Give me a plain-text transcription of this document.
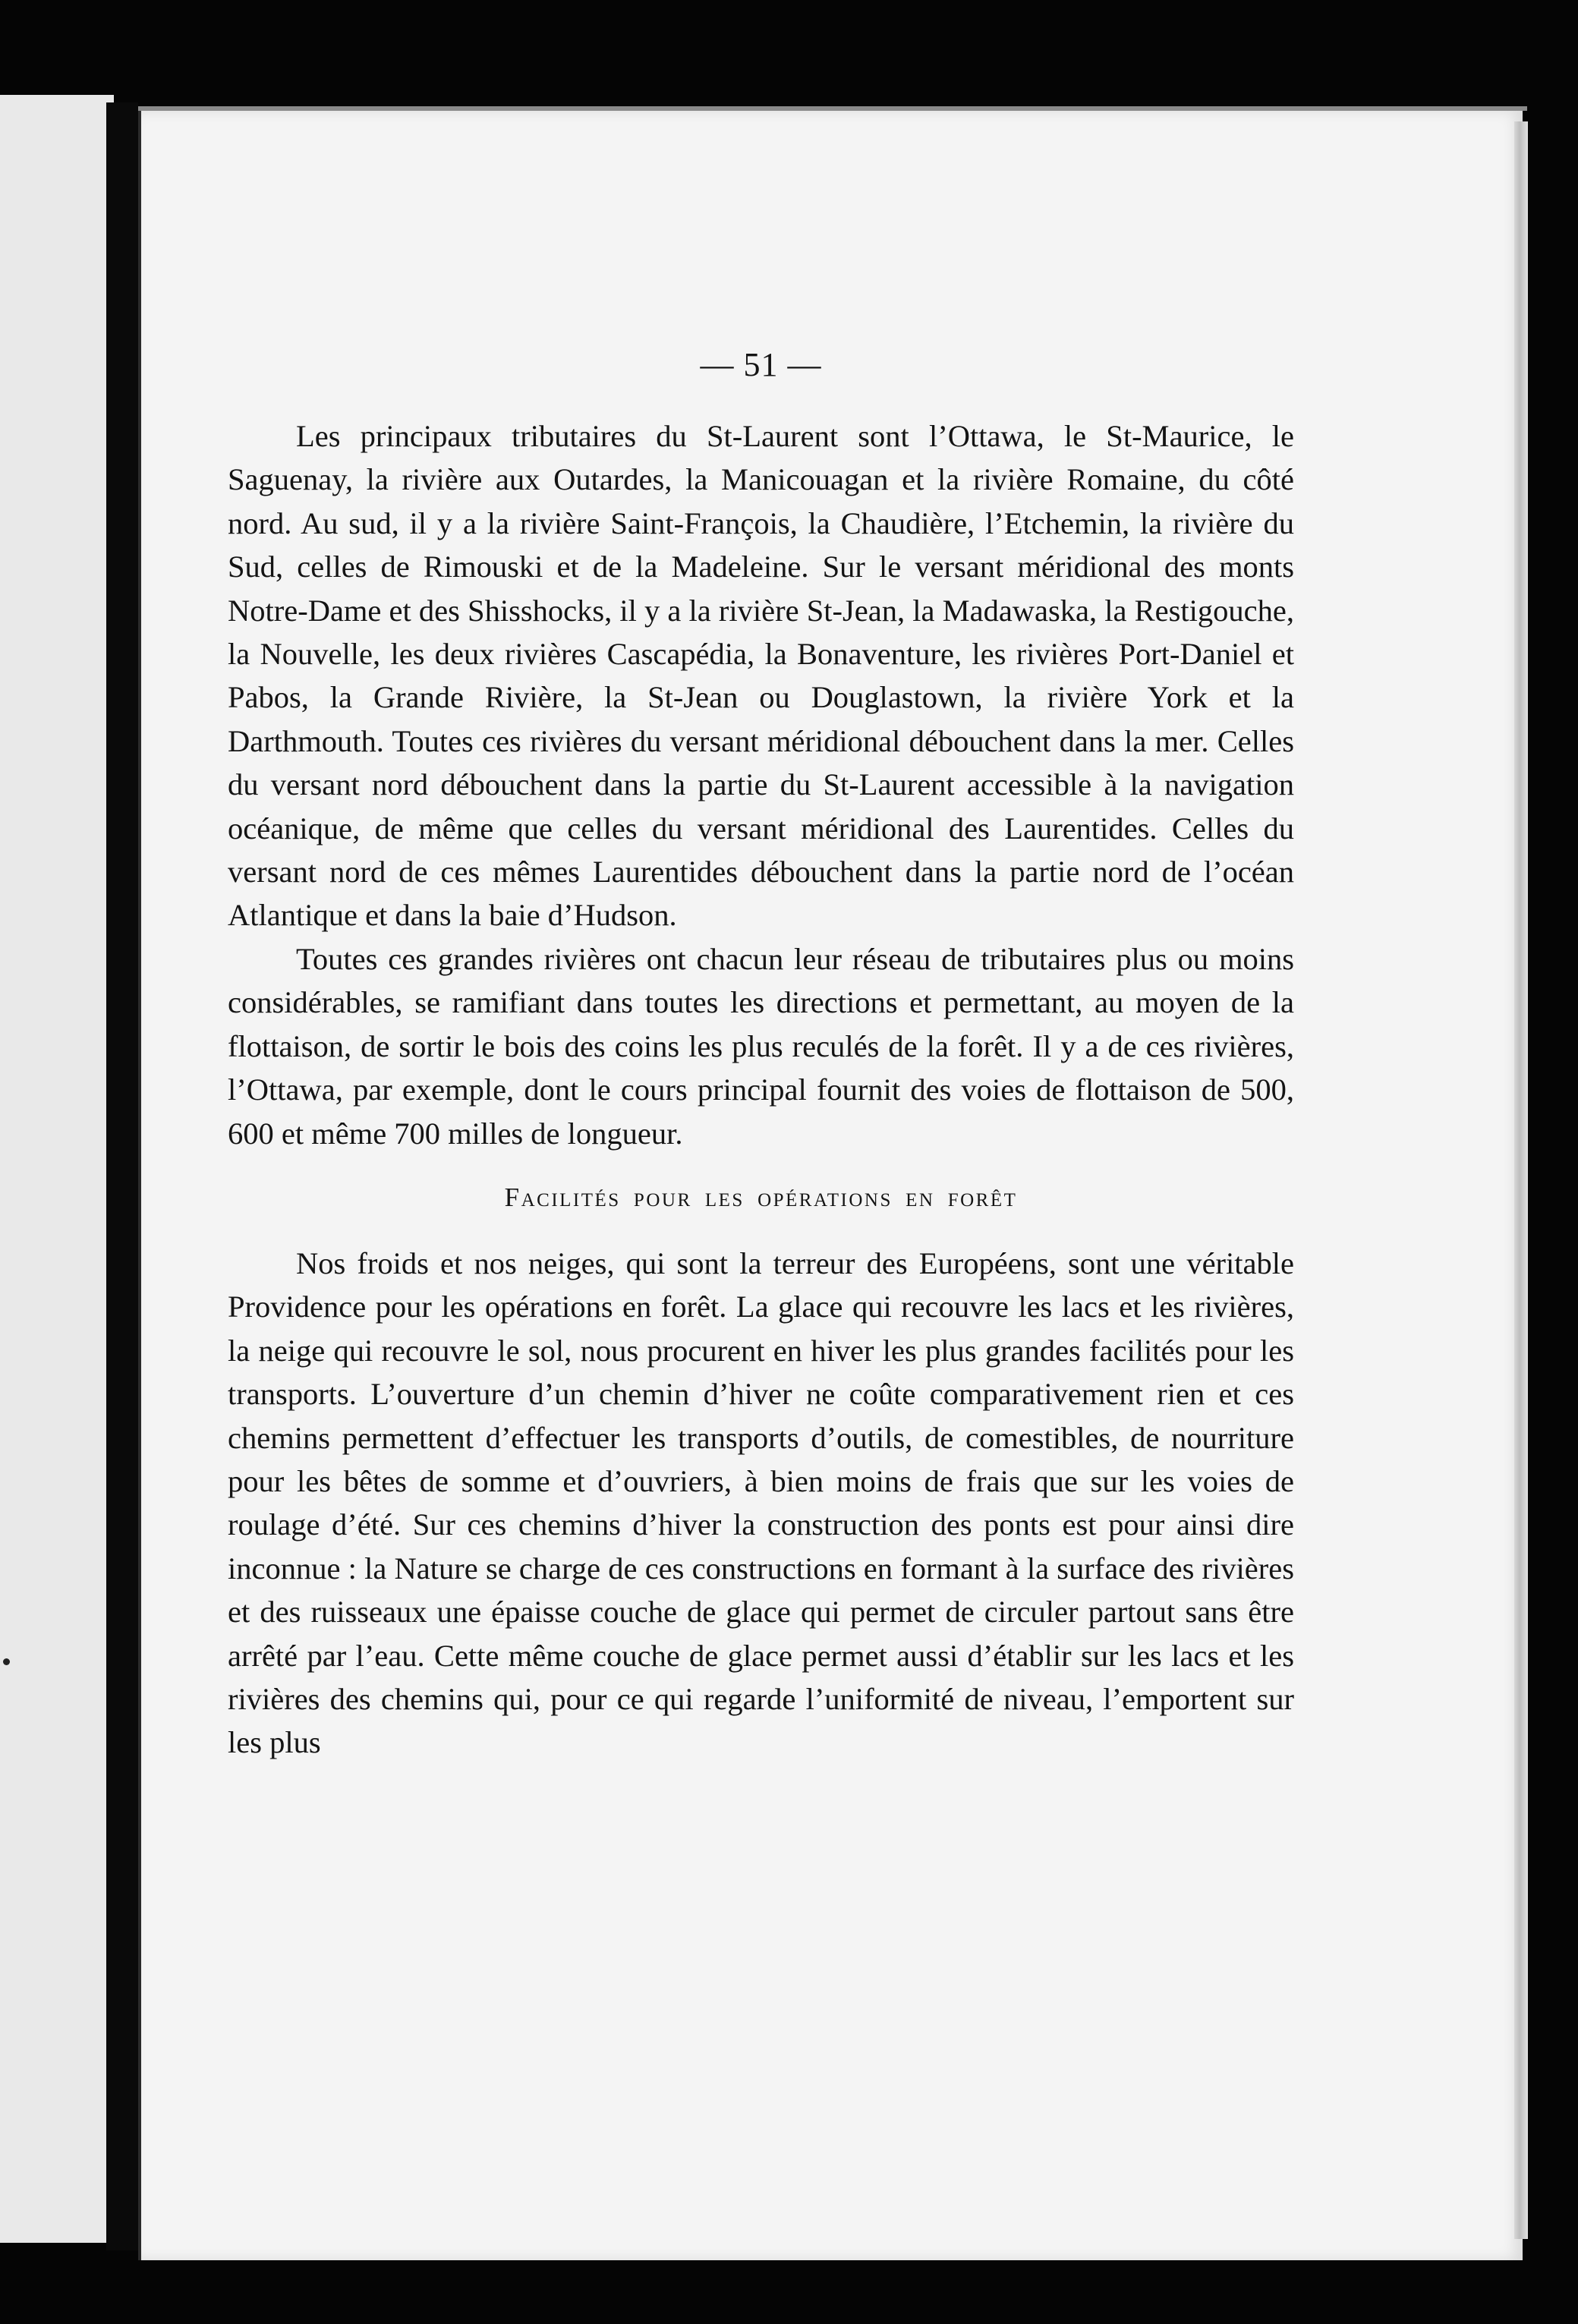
— 51 —

Les principaux tributaires du St-Laurent sont l’Ottawa, le St-Maurice, le Saguenay, la rivière aux Outardes, la Manicouagan et la rivière Romaine, du côté nord. Au sud, il y a la rivière Saint-François, la Chaudière, l’Etchemin, la rivière du Sud, celles de Rimouski et de la Madeleine. Sur le versant méridional des monts Notre-Dame et des Shisshocks, il y a la rivière St-Jean, la Madawaska, la Restigouche, la Nouvelle, les deux rivières Cascapédia, la Bonaventure, les rivières Port-Daniel et Pabos, la Grande Rivière, la St-Jean ou Douglastown, la rivière York et la Darthmouth. Toutes ces rivières du versant méridional débouchent dans la mer. Celles du versant nord débouchent dans la partie du St-Laurent accessible à la navigation océanique, de même que celles du versant méridional des Laurentides. Celles du versant nord de ces mêmes Laurentides débouchent dans la partie nord de l’océan Atlantique et dans la baie d’Hudson.

Toutes ces grandes rivières ont chacun leur réseau de tributaires plus ou moins considérables, se ramifiant dans toutes les directions et permettant, au moyen de la flottaison, de sortir le bois des coins les plus reculés de la forêt. Il y a de ces rivières, l’Ottawa, par exemple, dont le cours principal fournit des voies de flottaison de 500, 600 et même 700 milles de longueur.

Facilités pour les opérations en forêt

Nos froids et nos neiges, qui sont la terreur des Européens, sont une véritable Providence pour les opérations en forêt. La glace qui recouvre les lacs et les rivières, la neige qui recouvre le sol, nous procurent en hiver les plus grandes facilités pour les transports. L’ouverture d’un chemin d’hiver ne coûte comparativement rien et ces chemins permettent d’effectuer les transports d’outils, de comestibles, de nourriture pour les bêtes de somme et d’ouvriers, à bien moins de frais que sur les voies de roulage d’été. Sur ces chemins d’hiver la construction des ponts est pour ainsi dire inconnue : la Nature se charge de ces constructions en formant à la surface des rivières et des ruisseaux une épaisse couche de glace qui permet de circuler partout sans être arrêté par l’eau. Cette même couche de glace permet aussi d’établir sur les lacs et les rivières des chemins qui, pour ce qui regarde l’uniformité de niveau, l’emportent sur les plus
